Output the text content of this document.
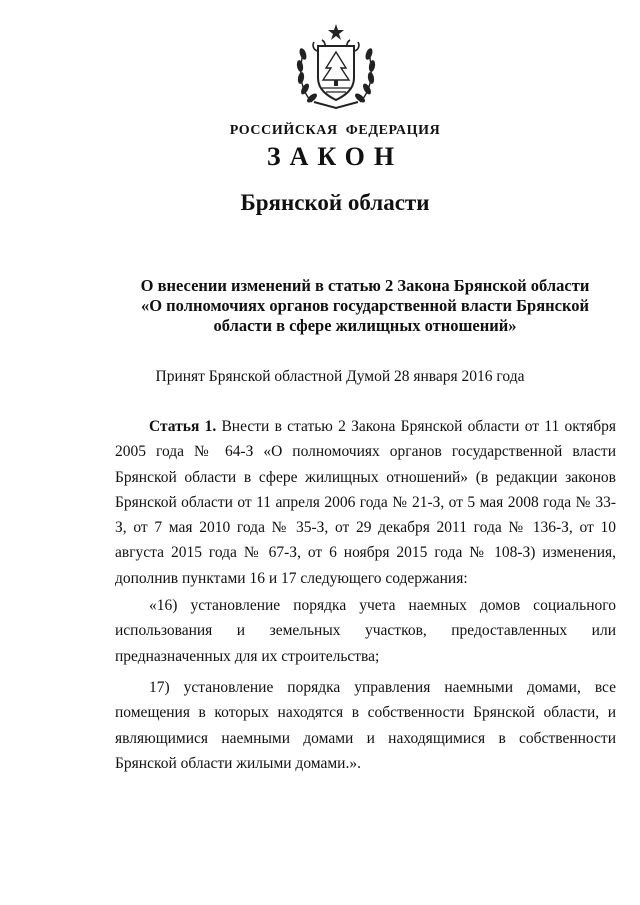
РОССИЙСКАЯ ФЕДЕРАЦИЯ
ЗАКОН
Брянской области
О внесении изменений в статью 2 Закона Брянской области
«О полномочиях органов государственной власти Брянской
области в сфере жилищных отношений»
Принят Брянской областной Думой 28 января 2016 года

Статья 1. Внести в статью 2 Закона Брянской области от 11 октября 2005 года № 64-З «О полномочиях органов государственной власти Брянской области в сфере жилищных отношений» (в редакции законов Брянской области от 11 апреля 2006 года № 21-З, от 5 мая 2008 года № 33-З, от 7 мая 2010 года № 35-З, от 29 декабря 2011 года № 136-З, от 10 августа 2015 года № 67-З, от 6 ноября 2015 года № 108-З) изменения, дополнив пунктами 16 и 17 следующего содержания:

«16) установление порядка учета наемных домов социального использования и земельных участков, предоставленных или предназначенных для их строительства;

17) установление порядка управления наемными домами, все помещения в которых находятся в собственности Брянской области, и являющимися наемными домами и находящимися в собственности Брянской области жилыми домами.».
